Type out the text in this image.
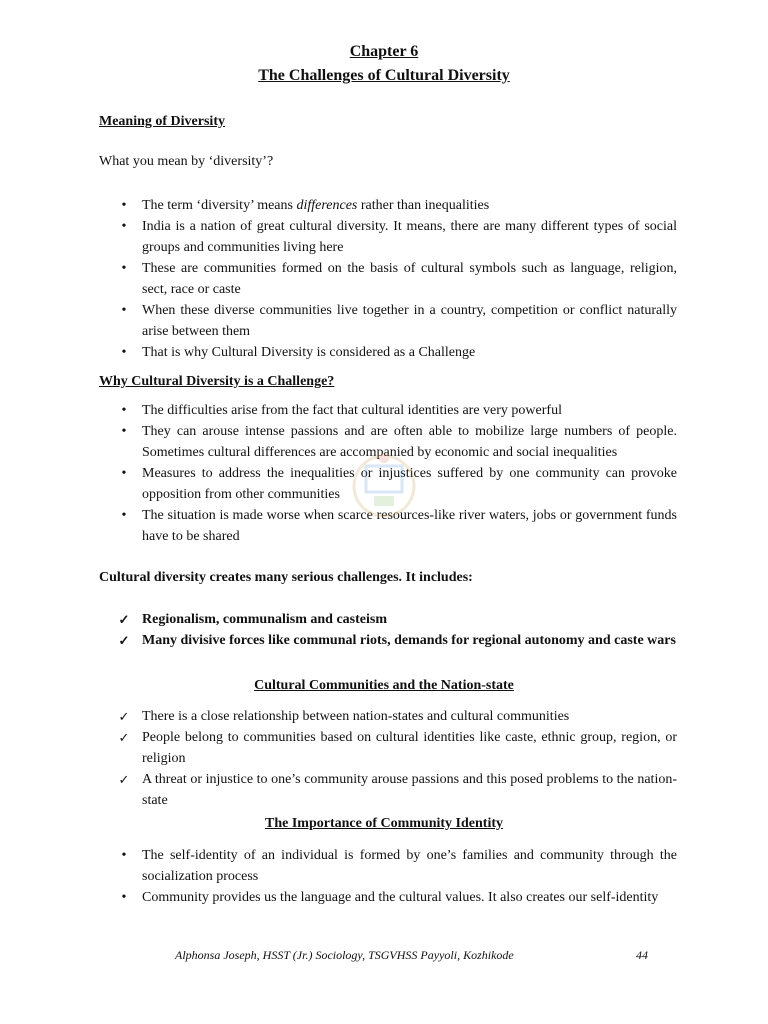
Chapter 6
The Challenges of Cultural Diversity
Meaning of Diversity
What you mean by ‘diversity’?
•
The term ‘diversity’ means differences rather than inequalities
•
India is a nation of great cultural diversity. It means, there are many different types of social groups and communities living here
•
These are communities formed on the basis of cultural symbols such as language, religion, sect, race or caste
•
When these diverse communities live together in a country, competition or conflict naturally arise between them
•
That is why Cultural Diversity is considered as a Challenge
Why Cultural Diversity is a Challenge?
•
The difficulties arise from the fact that cultural identities are very powerful
•
They can arouse intense passions and are often able to mobilize large numbers of people. Sometimes cultural differences are accompanied by economic and social inequalities
•
Measures to address the inequalities or injustices suffered by one community can provoke opposition from other communities
•
The situation is made worse when scarce resources-like river waters, jobs or government funds have to be shared
Cultural diversity creates many serious challenges. It includes:
✓
Regionalism, communalism and casteism
✓
Many divisive forces like communal riots, demands for regional autonomy and caste wars
Cultural Communities and the Nation-state
✓
There is a close relationship between nation-states and cultural communities
✓
People belong to communities based on cultural identities like caste, ethnic group, region, or religion
✓
A threat or injustice to one’s community arouse passions and this posed problems to the nation-state
The Importance of Community Identity
•
The self-identity of an individual is formed by one’s families and community through the socialization process
•
Community provides us the language and the cultural values. It also creates our self-identity
Alphonsa Joseph, HSST (Jr.) Sociology, TSGVHSS Payyoli, Kozhikode	44
